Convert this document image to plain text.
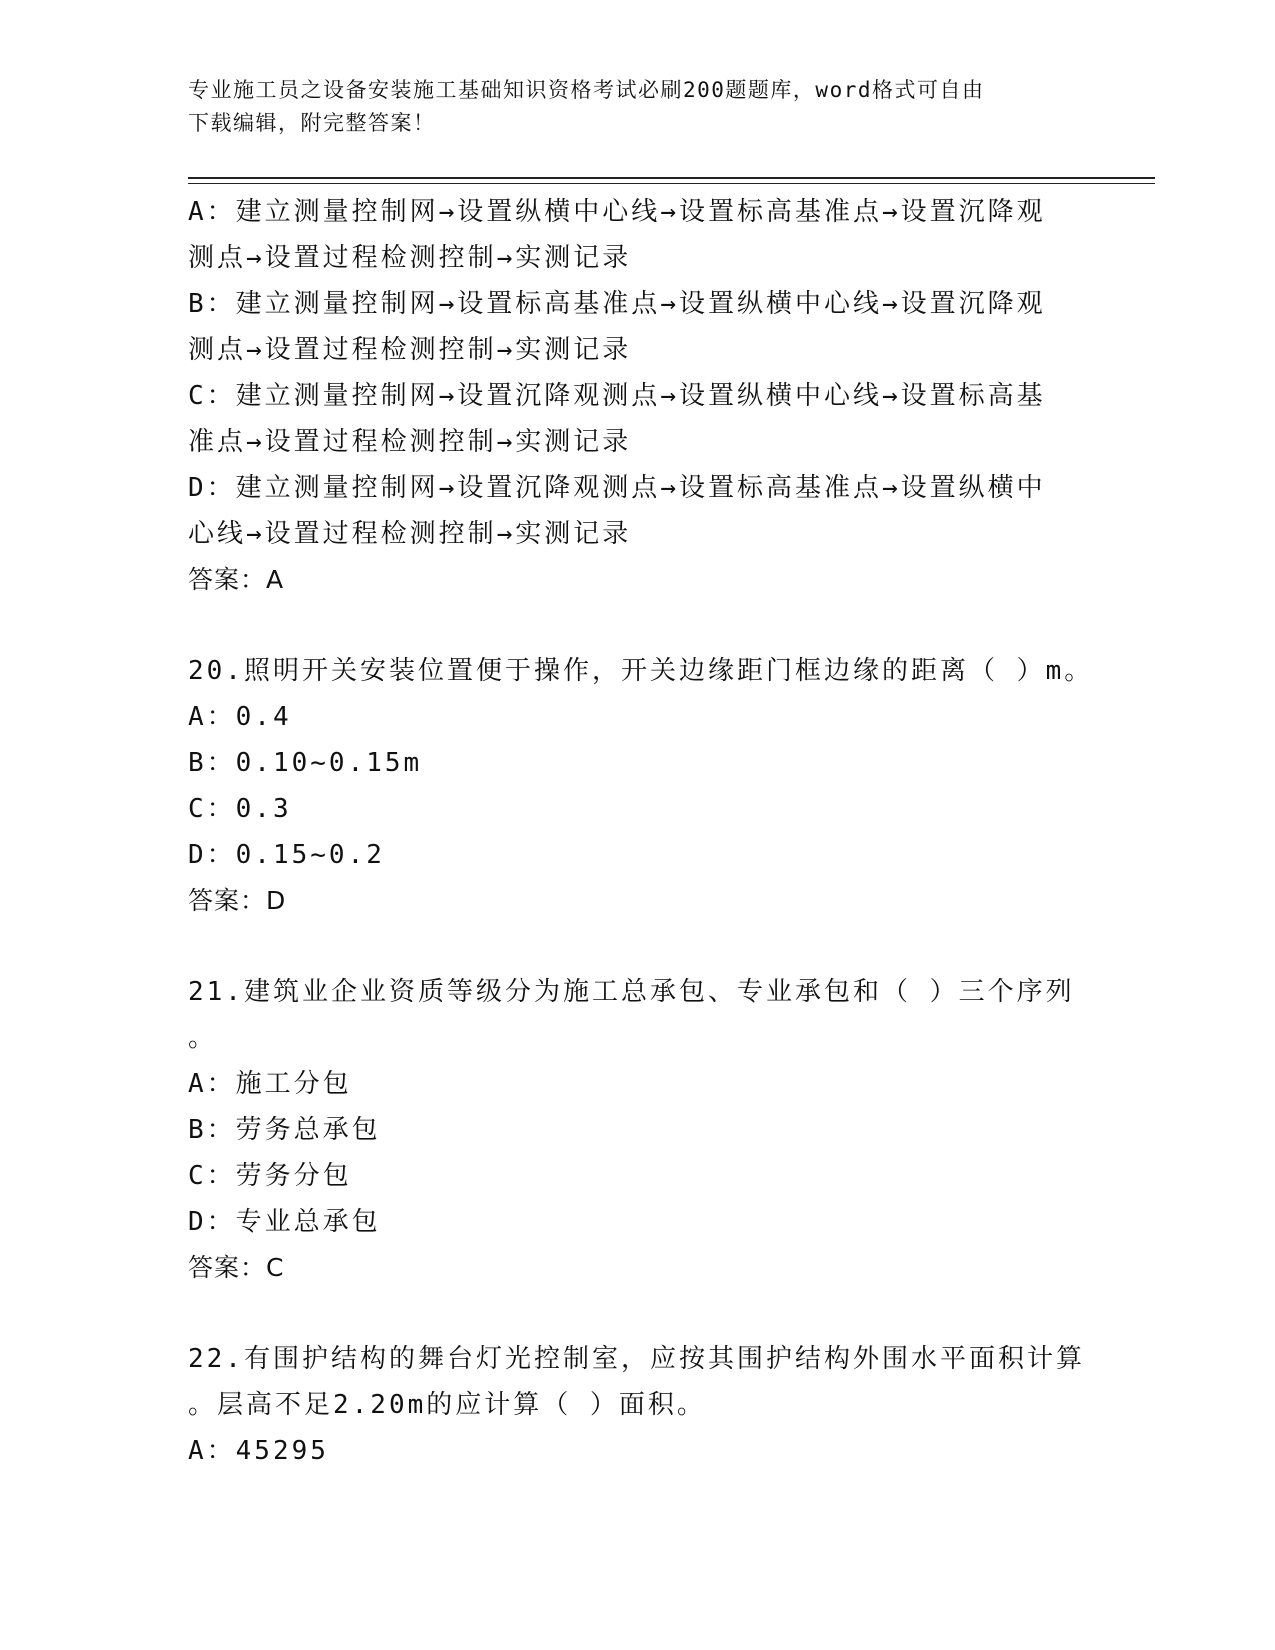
专业施工员之设备安装施工基础知识资格考试必刷200题题库，word格式可自由
下载编辑，附完整答案！
A：建立测量控制网→设置纵横中心线→设置标高基准点→设置沉降观
测点→设置过程检测控制→实测记录
B：建立测量控制网→设置标高基准点→设置纵横中心线→设置沉降观
测点→设置过程检测控制→实测记录
C：建立测量控制网→设置沉降观测点→设置纵横中心线→设置标高基
准点→设置过程检测控制→实测记录
D：建立测量控制网→设置沉降观测点→设置标高基准点→设置纵横中
心线→设置过程检测控制→实测记录
答案：A
20.照明开关安装位置便于操作，开关边缘距门框边缘的距离（ ）m。
A：0.4
B：0.10~0.15m
C：0.3
D：0.15~0.2
答案：D
21.建筑业企业资质等级分为施工总承包、专业承包和（ ）三个序列
。
A：施工分包
B：劳务总承包
C：劳务分包
D：专业总承包
答案：C
22.有围护结构的舞台灯光控制室，应按其围护结构外围水平面积计算
。层高不足2.20m的应计算（ ）面积。
A：45295
